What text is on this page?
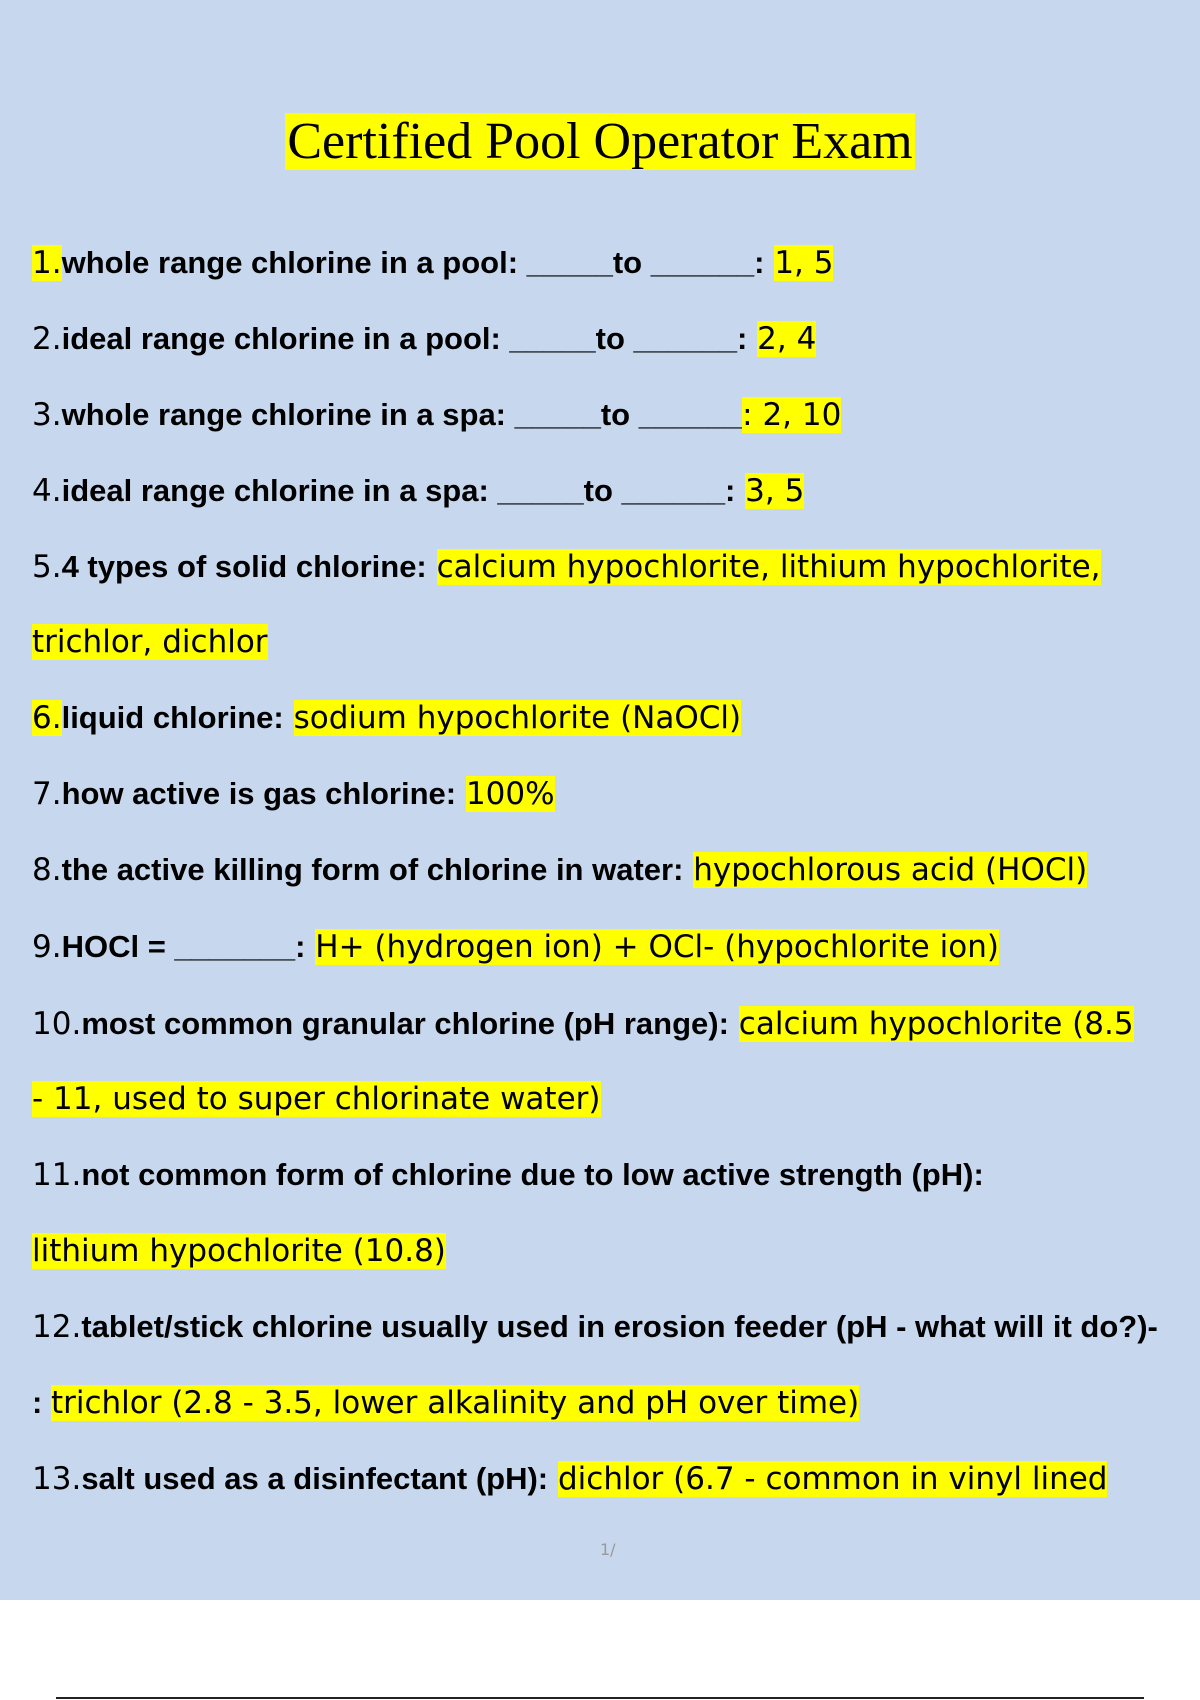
Certified Pool Operator Exam
1.whole range chlorine in a pool: _____to ______: 1, 5
2.ideal range chlorine in a pool: _____to ______: 2, 4
3.whole range chlorine in a spa: _____to ______: 2, 10
4.ideal range chlorine in a spa: _____to ______: 3, 5
5.4 types of solid chlorine: calcium hypochlorite, lithium hypochlorite,
trichlor, dichlor
6.liquid chlorine: sodium hypochlorite (NaOCl)
7.how active is gas chlorine: 100%
8.the active killing form of chlorine in water: hypochlorous acid (HOCl)
9.HOCl = _______: H+ (hydrogen ion) + OCl- (hypochlorite ion)
10.most common granular chlorine (pH range): calcium hypochlorite (8.5
- 11, used to super chlorinate water)
11.not common form of chlorine due to low active strength (pH):
lithium hypochlorite (10.8)
12.tablet/stick chlorine usually used in erosion feeder (pH - what will it do?)-
: trichlor (2.8 - 3.5, lower alkalinity and pH over time)
13.salt used as a disinfectant (pH): dichlor (6.7 - common in vinyl lined
1/
